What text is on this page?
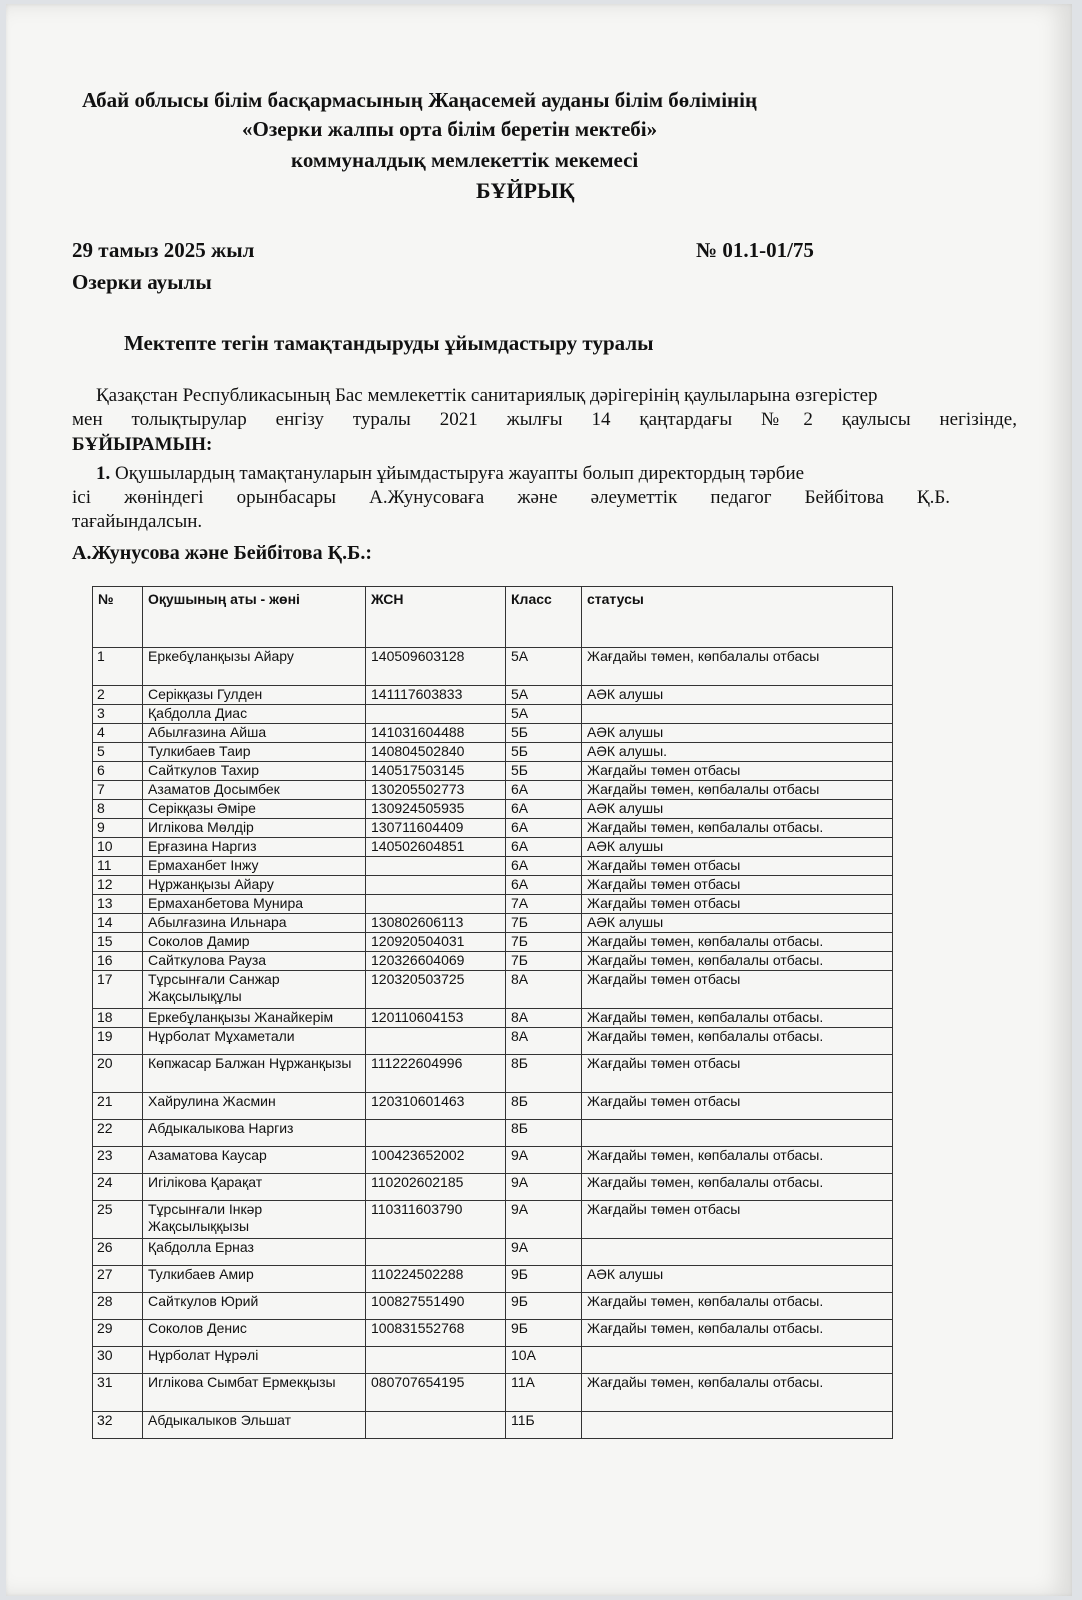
Абай облысы білім басқармасының Жаңасемей ауданы білім бөлімінің
«Озерки жалпы орта білім беретін мектебі»
коммуналдық мемлекеттік мекемесі
БҰЙРЫҚ
29 тамыз 2025 жыл	№ 01.1-01/75
Озерки ауылы
Мектепте тегін тамақтандыруды ұйымдастыру туралы
Қазақстан Республикасының Бас мемлекеттік санитариялық дәрігерінің қаулыларына өзгерістер
мен толықтырулар енгізу туралы 2021 жылғы 14 қаңтардағы №2 қаулысы негізінде,
БҰЙЫРАМЫН:
1. Оқушылардың тамақтануларын ұйымдастыруға жауапты болып директордың тәрбие
ісі жөніндегі орынбасары А.Жунусоваға және әлеуметтік педагог Бейбітова Қ.Б.
тағайындалсын.
А.Жунусова және Бейбітова Қ.Б.:
№	Оқушының аты - жөні	ЖСН	Класс	статусы
1	Еркебұланқызы Айару	140509603128	5А	Жағдайы төмен, көпбалалы отбасы
2	Серікқазы Гулден	141117603833	5А	АӘК алушы
3	Қабдолла Диас		5А	
4	Абылғазина Айша	141031604488	5Б	АӘК алушы
5	Тулкибаев Таир	140804502840	5Б	АӘК алушы.
6	Сайткулов Тахир	140517503145	5Б	Жағдайы төмен отбасы
7	Азаматов Досымбек	130205502773	6А	Жағдайы төмен, көпбалалы отбасы
8	Серікқазы Әміре	130924505935	6А	АӘК алушы
9	Иглікова Мөлдір	130711604409	6А	Жағдайы төмен, көпбалалы отбасы.
10	Ерғазина Наргиз	140502604851	6А	АӘК алушы
11	Ермаханбет Інжу		6А	Жағдайы төмен отбасы
12	Нұржанқызы Айару		6А	Жағдайы төмен отбасы
13	Ермаханбетова Мунира		7А	Жағдайы төмен отбасы
14	Абылғазина Ильнара	130802606113	7Б	АӘК алушы
15	Соколов Дамир	120920504031	7Б	Жағдайы төмен, көпбалалы отбасы.
16	Сайткулова Рауза	120326604069	7Б	Жағдайы төмен, көпбалалы отбасы.
17	Тұрсынғали Санжар Жақсылықұлы	120320503725	8А	Жағдайы төмен отбасы
18	Еркебұланқызы Жанайкерім	120110604153	8А	Жағдайы төмен, көпбалалы отбасы.
19	Нұрболат Мұхаметали		8А	Жағдайы төмен, көпбалалы отбасы.
20	Көпжасар Балжан Нұржанқызы	111222604996	8Б	Жағдайы төмен отбасы
21	Хайрулина Жасмин	120310601463	8Б	Жағдайы төмен отбасы
22	Абдыкалыкова Наргиз		8Б	
23	Азаматова Каусар	100423652002	9А	Жағдайы төмен, көпбалалы отбасы.
24	Игілікова Қарақат	110202602185	9А	Жағдайы төмен, көпбалалы отбасы.
25	Тұрсынғали Інкәр Жақсылыққызы	110311603790	9А	Жағдайы төмен отбасы
26	Қабдолла Ерназ		9А	
27	Тулкибаев Амир	110224502288	9Б	АӘК алушы
28	Сайткулов Юрий	100827551490	9Б	Жағдайы төмен, көпбалалы отбасы.
29	Соколов Денис	100831552768	9Б	Жағдайы төмен, көпбалалы отбасы.
30	Нұрболат Нұрәлі		10А	
31	Иглікова Сымбат Ермекқызы	080707654195	11А	Жағдайы төмен, көпбалалы отбасы.
32	Абдыкалыков Эльшат		11Б	
